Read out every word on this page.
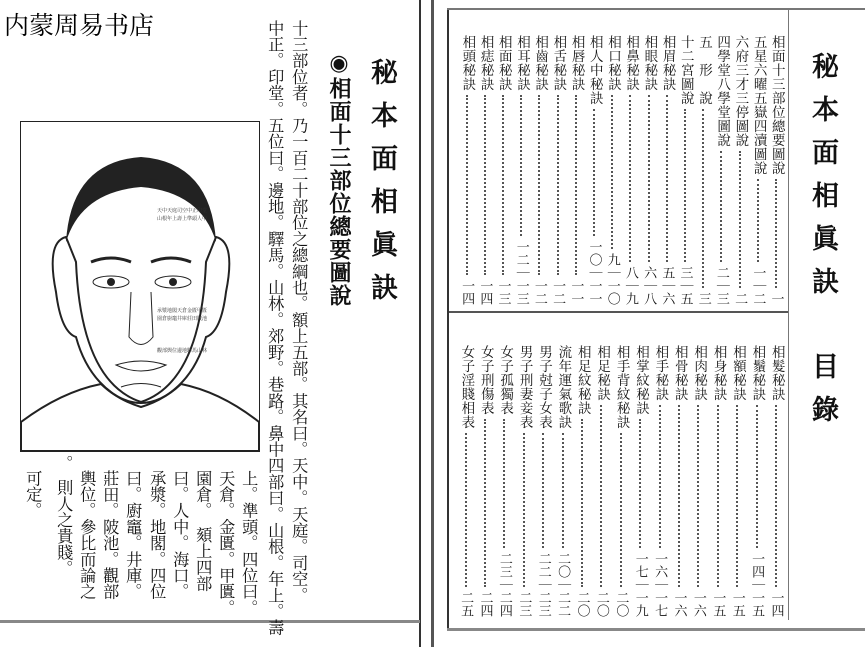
内蒙周易书店
秘本面相眞訣
◉相面十三部位總要圖說
十三部位者。乃一百二十部位之總綱也。額上五部。其名曰。天中。天庭。司空。
中正。印堂。五位曰。邊地。驛馬。山林。郊野。巷路。鼻中四部曰。山根。年上。壽
天中天庭司空中正印堂
山根年上壽上準頭人中
承漿地閣天倉金匱甲匱
園倉廚竈井庫莊田陂池
觀部輿位邊地驛馬山林
上。準頭。四位曰。
天倉。金匱。甲匱。
園倉。　頦上四部
曰。人中。海口。
承漿。地閣。四位
曰。廚竈。井庫。
莊田。陂池。觀部
輿位。參比而論之
。　則人之貴賤。
可定。
秘本面相眞訣
目錄
相面十三部位總要圖說
一
五星六曜五嶽四瀆圖說
一｜二
六府三才三停圖說
二
四學堂八學堂圖說
二｜三
五　形　說
三
十二宮圖說
三｜五
相眉秘訣
五｜六
相眼秘訣
六｜八
相鼻秘訣
八｜九
相口秘訣
九｜一〇
相人中秘訣
一〇｜一一
相唇秘訣
一一
相舌秘訣
一二
相齒秘訣
一二
相耳秘訣
一二｜一三
相面秘訣
一三
相痣秘訣
一四
相頭秘訣
一四
相髮秘訣
一四
相鬚秘訣
一四｜一五
相額秘訣
一五
相身秘訣
一五
相肉秘訣
一六
相骨秘訣
一六
相手秘訣
一六｜一七
相掌紋秘訣
一七｜一九
相手背紋秘訣
二〇
相足秘訣
二〇
相足紋秘訣
二〇
流年運氣歌訣
二〇｜二二
男子尅子女表
二二｜二三
男子刑妻妾表
二三
女子孤獨表
二三｜二四
女子刑傷表
二四
女子淫賤相表
二五
